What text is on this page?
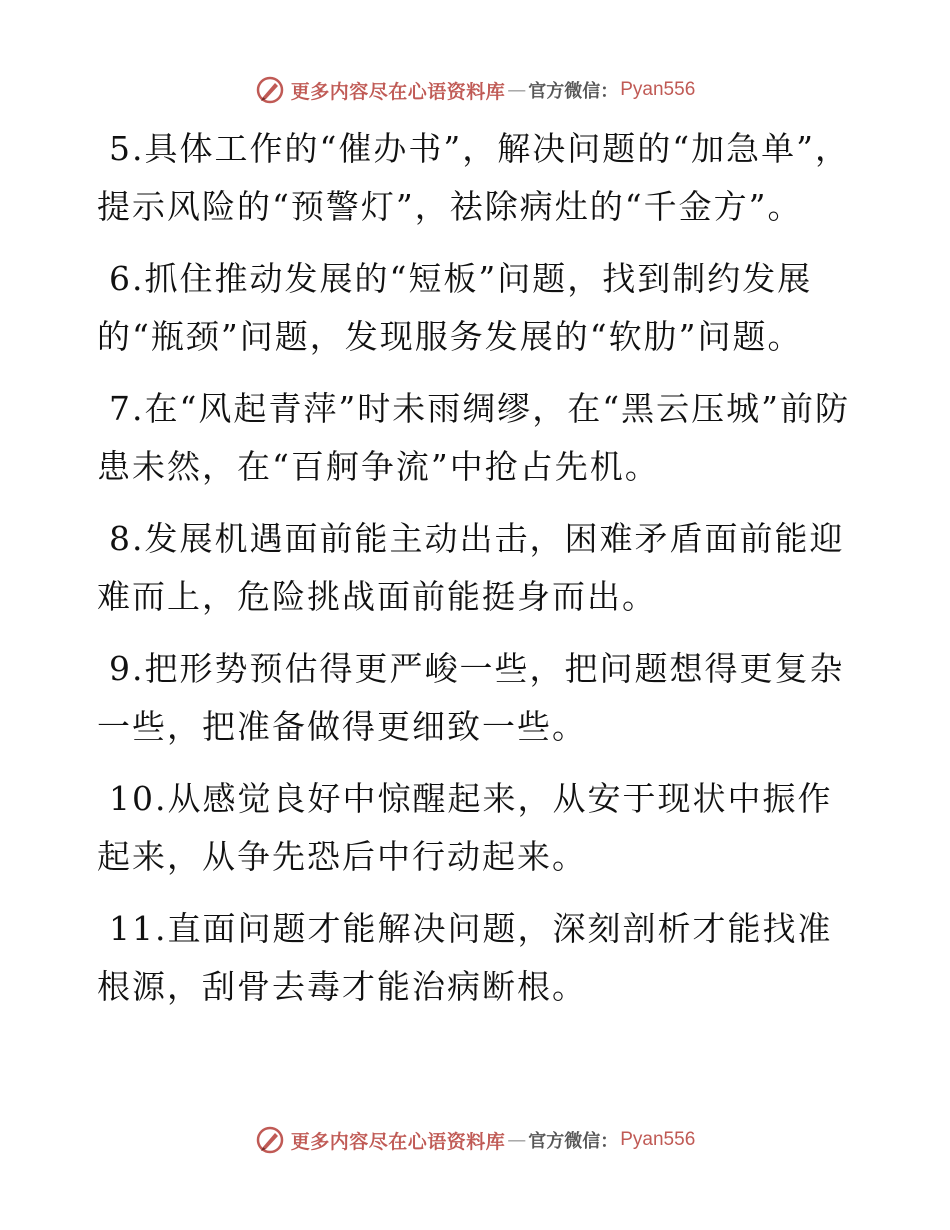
更多内容尽在心语资料库 — 官方微信： Pyan556

5.具体工作的“催办书”，解决问题的“加急单”，提示风险的“预警灯”，祛除病灶的“千金方”。

6.抓住推动发展的“短板”问题，找到制约发展的“瓶颈”问题，发现服务发展的“软肋”问题。

7.在“风起青萍”时未雨绸缪，在“黑云压城”前防患未然，在“百舸争流”中抢占先机。

8.发展机遇面前能主动出击，困难矛盾面前能迎难而上，危险挑战面前能挺身而出。

9.把形势预估得更严峻一些，把问题想得更复杂一些，把准备做得更细致一些。

10.从感觉良好中惊醒起来，从安于现状中振作起来，从争先恐后中行动起来。

11.直面问题才能解决问题，深刻剖析才能找准根源，刮骨去毒才能治病断根。

更多内容尽在心语资料库 — 官方微信： Pyan556
